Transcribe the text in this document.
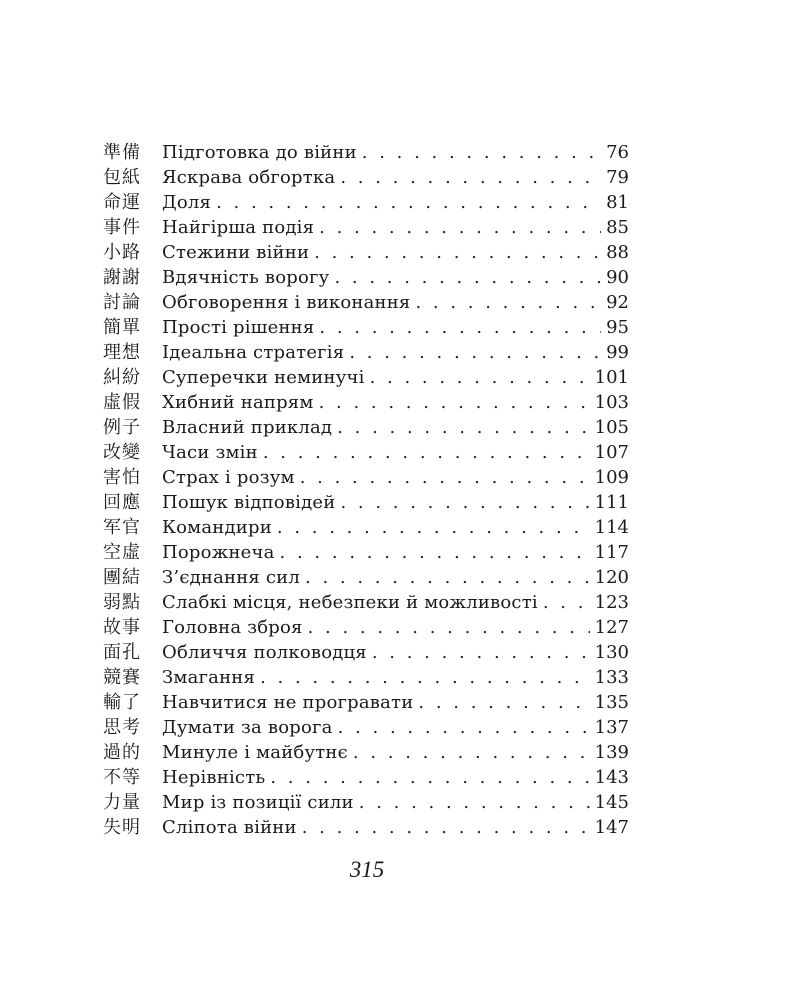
準備	Підготовка до війни . . .	76
包紙	Яскрава обгортка . . .	79
命運	Доля . . .	81
事件	Найгірша подія . . .	85
小路	Стежини війни . . .	88
謝謝	Вдячність ворогу . . .	90
討論	Обговорення і виконання . . .	92
簡單	Прості рішення . . .	95
理想	Ідеальна стратегія . . .	99
糾紛	Суперечки неминучі . . .	101
虛假	Хибний напрям . . .	103
例子	Власний приклад . . .	105
改變	Часи змін . . .	107
害怕	Страх і розум . . .	109
回應	Пошук відповідей . . .	111
军官	Командири . . .	114
空虛	Порожнеча . . .	117
團結	З’єднання сил . . .	120
弱點	Слабкі місця, небезпеки й можливості . . .	123
故事	Головна зброя . . .	127
面孔	Обличчя полководця . . .	130
競賽	Змагання . . .	133
輸了	Навчитися не програвати . . .	135
思考	Думати за ворога . . .	137
過的	Минуле і майбутнє . . .	139
不等	Нерівність . . .	143
力量	Мир із позиції сили . . .	145
失明	Сліпота війни . . .	147
315
